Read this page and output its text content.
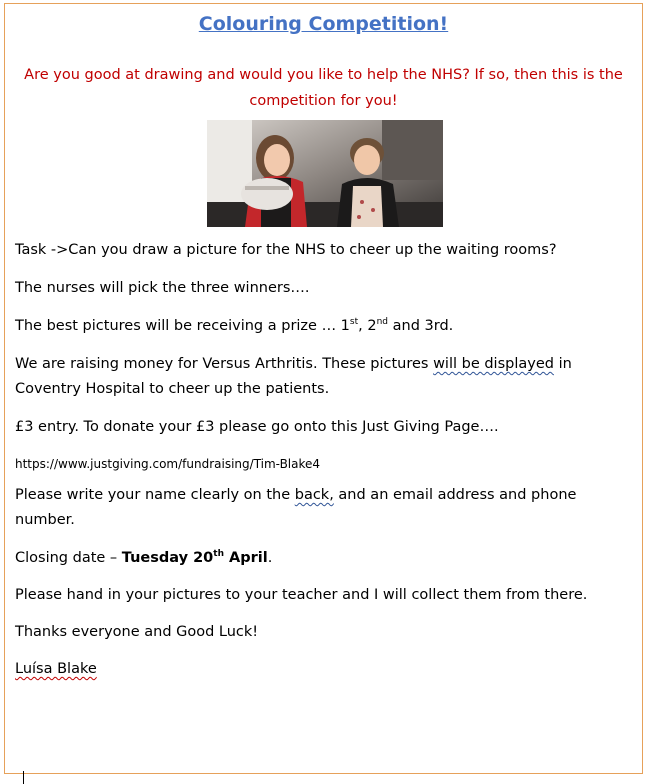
Colouring Competition!
Are you good at drawing and would you like to help the NHS? If so, then this is the competition for you!
Task ->Can you draw a picture for the NHS to cheer up the waiting rooms?
The nurses will pick the three winners….
The best pictures will be receiving a prize … 1st, 2nd and 3rd.
We are raising money for Versus Arthritis. These pictures will be displayed in Coventry Hospital to cheer up the patients.
£3 entry. To donate your £3 please go onto this Just Giving Page….
https://www.justgiving.com/fundraising/Tim-Blake4
Please write your name clearly on the back, and an email address and phone number.
Closing date – Tuesday 20th April.
Please hand in your pictures to your teacher and I will collect them from there.
Thanks everyone and Good Luck!
Luísa Blake
